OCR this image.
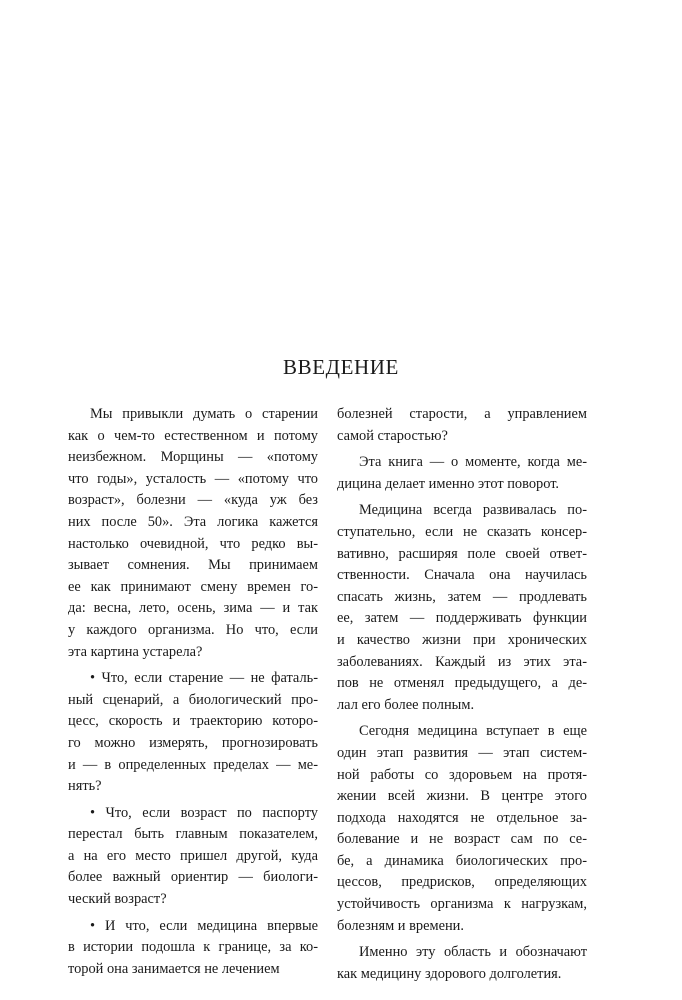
ВВЕДЕНИЕ
Мы привыкли думать о старении
как о чем-то естественном и потому
неизбежном. Морщины — «потому
что годы», усталость — «потому что
возраст», болезни — «куда уж без
них после 50». Эта логика кажется
настолько очевидной, что редко вы-
зывает сомнения. Мы принимаем
ее как принимают смену времен го-
да: весна, лето, осень, зима — и так
у каждого организма. Но что, если
эта картина устарела?
• Что, если старение — не фаталь-
ный сценарий, а биологический про-
цесс, скорость и траекторию которо-
го можно измерять, прогнозировать
и — в определенных пределах — ме-
нять?
• Что, если возраст по паспорту
перестал быть главным показателем,
а на его место пришел другой, куда
более важный ориентир — биологи-
ческий возраст?
• И что, если медицина впервые
в истории подошла к границе, за ко-
торой она занимается не лечением
болезней старости, а управлением
самой старостью?
Эта книга — о моменте, когда ме-
дицина делает именно этот поворот.
Медицина всегда развивалась по-
ступательно, если не сказать консер-
вативно, расширяя поле своей ответ-
ственности. Сначала она научилась
спасать жизнь, затем — продлевать
ее, затем — поддерживать функции
и качество жизни при хронических
заболеваниях. Каждый из этих эта-
пов не отменял предыдущего, а де-
лал его более полным.
Сегодня медицина вступает в еще
один этап развития — этап систем-
ной работы со здоровьем на протя-
жении всей жизни. В центре этого
подхода находятся не отдельное за-
болевание и не возраст сам по се-
бе, а динамика биологических про-
цессов, предрисков, определяющих
устойчивость организма к нагрузкам,
болезням и времени.
Именно эту область и обозначают
как медицину здорового долголетия.
